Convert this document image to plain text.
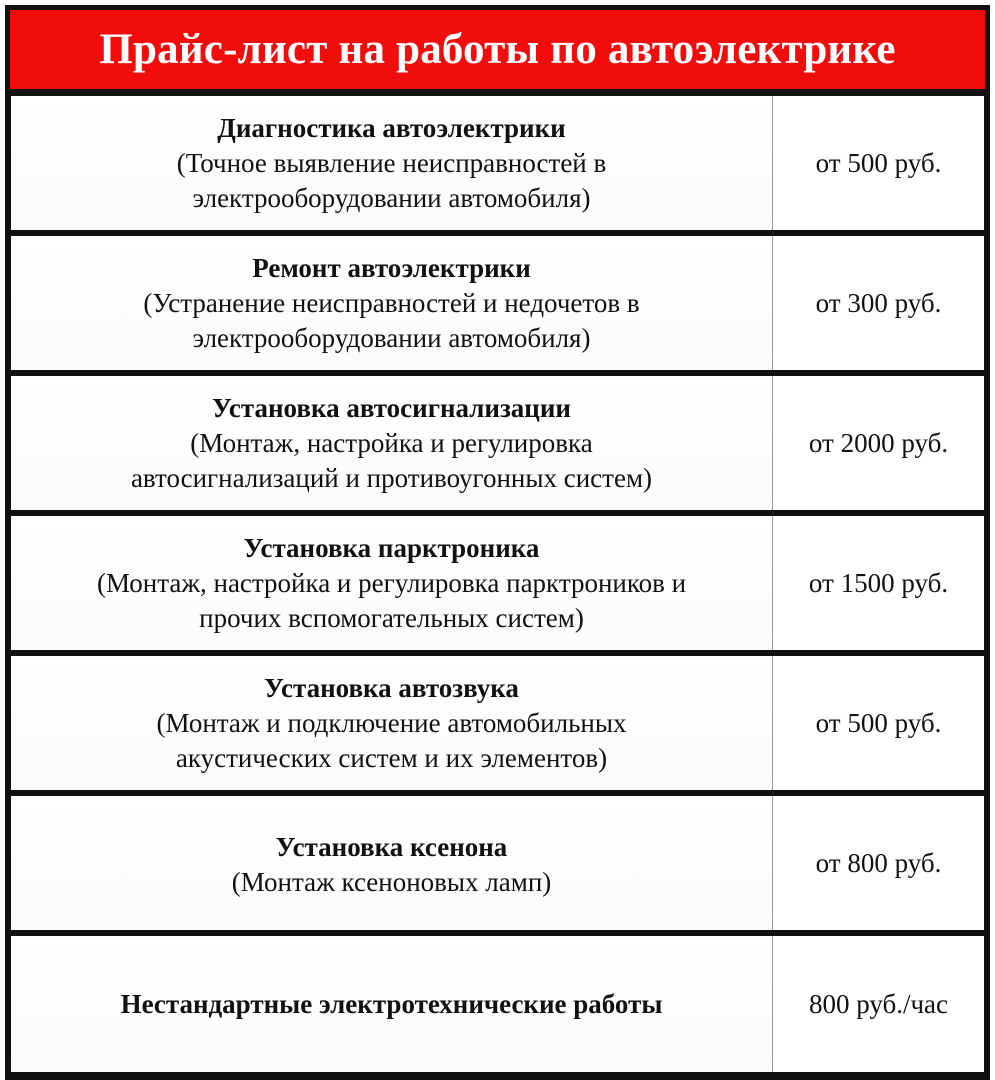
Прайс-лист на работы по автоэлектрике
Диагностика автоэлектрики
(Точное выявление неисправностей в
электрооборудовании автомобиля)
от 500 руб.
Ремонт автоэлектрики
(Устранение неисправностей и недочетов в
электрооборудовании автомобиля)
от 300 руб.
Установка автосигнализации
(Монтаж, настройка и регулировка
автосигнализаций и противоугонных систем)
от 2000 руб.
Установка парктроника
(Монтаж, настройка и регулировка парктроников и
прочих вспомогательных систем)
от 1500 руб.
Установка автозвука
(Монтаж и подключение автомобильных
акустических систем и их элементов)
от 500 руб.
Установка ксенона
(Монтаж ксеноновых ламп)
от 800 руб.
Нестандартные электротехнические работы	800 руб./час
